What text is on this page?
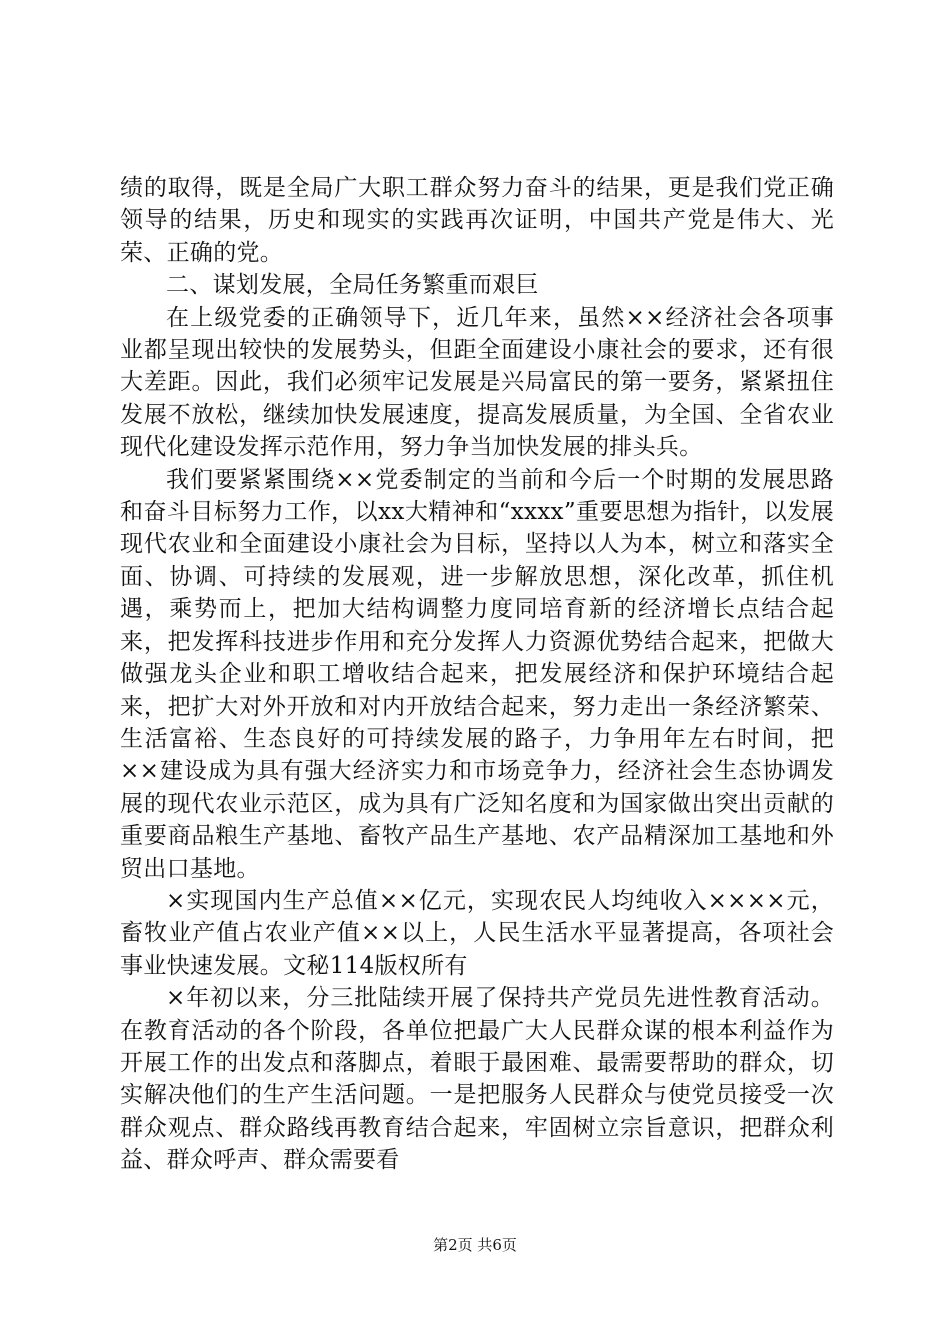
绩的取得，既是全局广大职工群众努力奋斗的结果，更是我们党正确领导的结果，历史和现实的实践再次证明，中国共产党是伟大、光荣、正确的党。

二、谋划发展，全局任务繁重而艰巨

在上级党委的正确领导下，近几年来，虽然××经济社会各项事业都呈现出较快的发展势头，但距全面建设小康社会的要求，还有很大差距。因此，我们必须牢记发展是兴局富民的第一要务，紧紧扭住发展不放松，继续加快发展速度，提高发展质量，为全国、全省农业现代化建设发挥示范作用，努力争当加快发展的排头兵。

我们要紧紧围绕××党委制定的当前和今后一个时期的发展思路和奋斗目标努力工作，以xx大精神和“xxxx”重要思想为指针，以发展现代农业和全面建设小康社会为目标，坚持以人为本，树立和落实全面、协调、可持续的发展观，进一步解放思想，深化改革，抓住机遇，乘势而上，把加大结构调整力度同培育新的经济增长点结合起来，把发挥科技进步作用和充分发挥人力资源优势结合起来，把做大做强龙头企业和职工增收结合起来，把发展经济和保护环境结合起来，把扩大对外开放和对内开放结合起来，努力走出一条经济繁荣、生活富裕、生态良好的可持续发展的路子，力争用年左右时间，把××建设成为具有强大经济实力和市场竞争力，经济社会生态协调发展的现代农业示范区，成为具有广泛知名度和为国家做出突出贡献的重要商品粮生产基地、畜牧产品生产基地、农产品精深加工基地和外贸出口基地。

×实现国内生产总值××亿元，实现农民人均纯收入××××元，畜牧业产值占农业产值××以上，人民生活水平显著提高，各项社会事业快速发展。文秘114版权所有

×年初以来，分三批陆续开展了保持共产党员先进性教育活动。在教育活动的各个阶段，各单位把最广大人民群众谋的根本利益作为开展工作的出发点和落脚点，着眼于最困难、最需要帮助的群众，切实解决他们的生产生活问题。一是把服务人民群众与使党员接受一次群众观点、群众路线再教育结合起来，牢固树立宗旨意识，把群众利益、群众呼声、群众需要看

第2页 共6页
